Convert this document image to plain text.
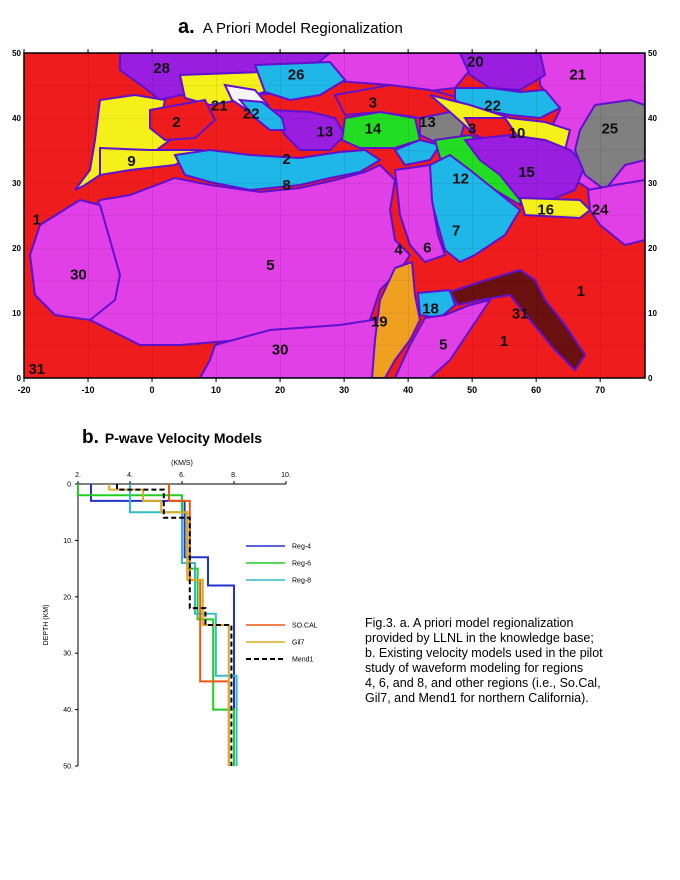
a. A Priori Model Regionalization
-20	-10	0	10	20	30	40	50	60	70
50
40
30
20
10
0
50
40
30
20
10
0
28	26
20
21
21 22
2
3	22
25
13 14	13 3 10
9	2
8	12	15
16	24
1
4 6
7
30
5
1
18	31
19
1
5
30
31
b. P-wave Velocity Models
2.	4.	6.	8.	10.
(KM/S)
0.
10.
20.
30.
40.
50.
DEPTH (KM)
Reg-4
Reg-6
Reg-8
SO.CAL
Gil7
Mend1

Fig.3. a. A priori model regionalization

provided by LLNL in the knowledge base;

b. Existing velocity models used in the pilot

study of waveform modeling for regions

4, 6, and 8, and other regions (i.e., So.Cal,

Gil7, and Mend1 for northern California).
